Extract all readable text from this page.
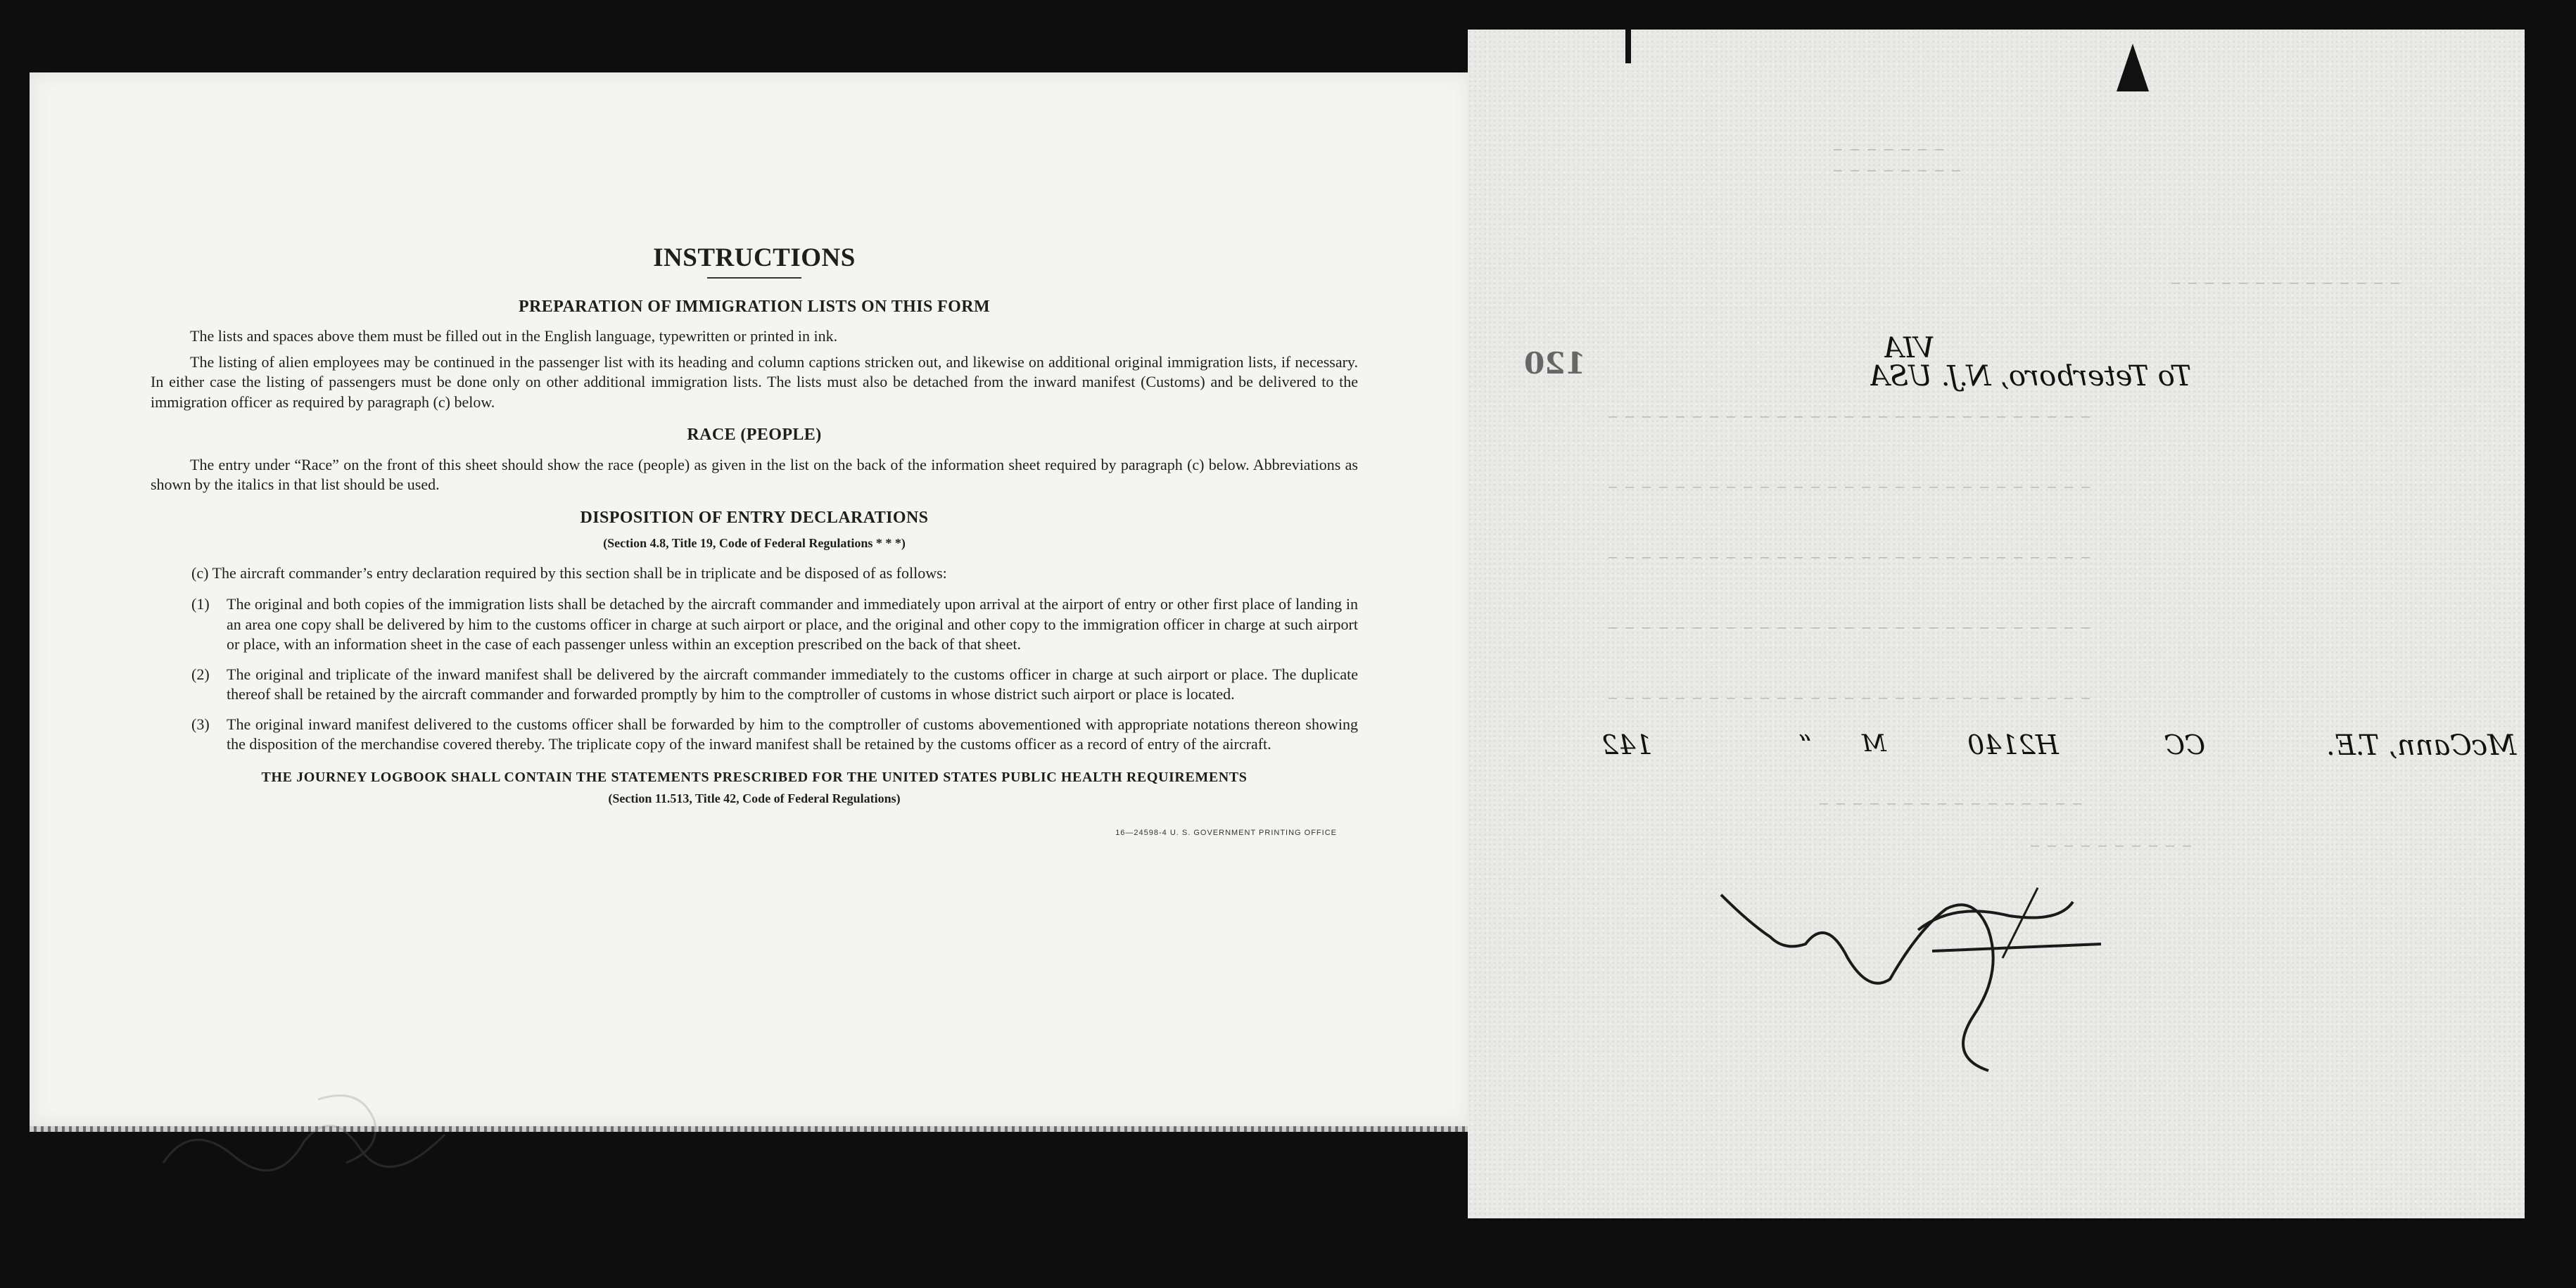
INSTRUCTIONS
PREPARATION OF IMMIGRATION LISTS ON THIS FORM

The lists and spaces above them must be filled out in the English language, typewritten or printed in ink.

The listing of alien employees may be continued in the passenger list with its heading and column captions stricken out, and likewise on additional original immigration lists, if necessary. In either case the listing of passengers must be done only on other additional immigration lists. The lists must also be detached from the inward manifest (Customs) and be delivered to the immigration officer as required by paragraph (c) below.

RACE (PEOPLE)

The entry under “Race” on the front of this sheet should show the race (people) as given in the list on the back of the information sheet required by paragraph (c) below. Abbreviations as shown by the italics in that list should be used.

DISPOSITION OF ENTRY DECLARATIONS
(Section 4.8, Title 19, Code of Federal Regulations * * *)
(c) The aircraft commander’s entry declaration required by this section shall be in triplicate and be disposed of as follows:
(1) The original and both copies of the immigration lists shall be detached by the aircraft commander and immediately upon arrival at the airport of entry or other first place of landing in an area one copy shall be delivered by him to the customs officer in charge at such airport or place, and the original and other copy to the immigration officer in charge at such airport or place, with an information sheet in the case of each passenger unless within an exception prescribed on the back of that sheet.
(2) The original and triplicate of the inward manifest shall be delivered by the aircraft commander immediately to the customs officer in charge at such airport or place. The duplicate thereof shall be retained by the aircraft commander and forwarded promptly by him to the comptroller of customs in whose district such airport or place is located.
(3) The original inward manifest delivered to the customs officer shall be forwarded by him to the comptroller of customs abovementioned with appropriate notations thereon showing the disposition of the merchandise covered thereby. The triplicate copy of the inward manifest shall be retained by the customs officer as a record of entry of the aircraft.
THE JOURNEY LOGBOOK SHALL CONTAIN THE STATEMENTS PRESCRIBED FOR THE UNITED STATES PUBLIC HEALTH REQUIREMENTS
(Section 11.513, Title 42, Code of Federal Regulations)
16—24598-4 U. S. GOVERNMENT PRINTING OFFICE
— — — — — — —
— — — — — — — —
— — — — — — — — — — — — — —
— — — — — — — — — — — — — — — — — — — — — — — — — — — — —
— — — — — — — — — — — — — — — — — — — — — — — — — — — — —
— — — — — — — — — — — — — — — — — — — — — — — — — — — — —
— — — — — — — — — — — — — — — — — — — — — — — — — — — — —
— — — — — — — — — — — — — — — — — — — — — — — — — — — — —
— — — — — — — — — — — — — — — —
— — — — — — — — — —
120	VIA
To Teterboro, N.J. USA
142	“ M	H2140	CC	McCann, T.E.
